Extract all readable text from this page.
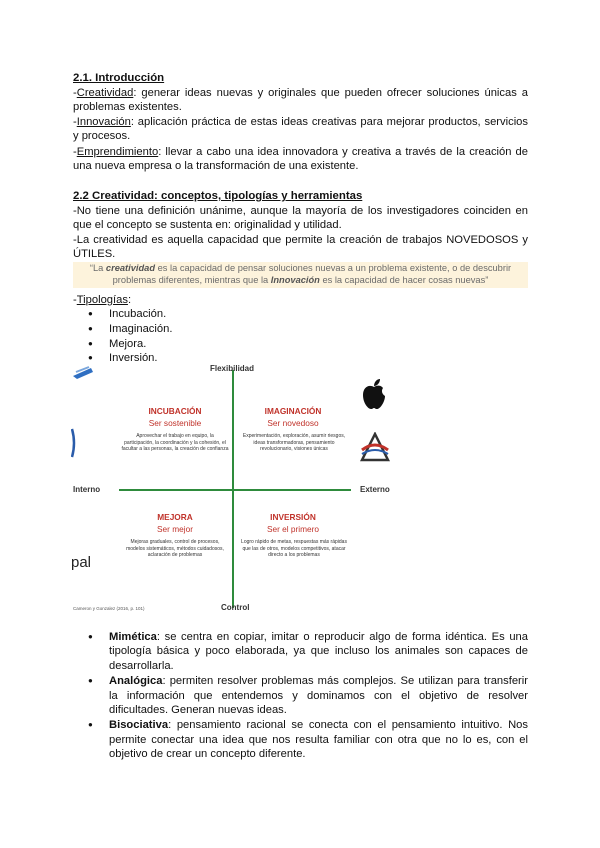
2.1. Introducción
-Creatividad: generar ideas nuevas y originales que pueden ofrecer soluciones únicas a problemas existentes.
-Innovación: aplicación práctica de estas ideas creativas para mejorar productos, servicios y procesos.
-Emprendimiento: llevar a cabo una idea innovadora y creativa a través de la creación de una nueva empresa o la transformación de una existente.
2.2 Creatividad: conceptos, tipologías y herramientas
-No tiene una definición unánime, aunque la mayoría de los investigadores coinciden en que el concepto se sustenta en: originalidad y utilidad.
-La creatividad es aquella capacidad que permite la creación de trabajos NOVEDOSOS y ÚTILES.
“La creatividad es la capacidad de pensar soluciones nuevas a un problema existente, o de descubrir problemas diferentes, mientras que la Innovación es la capacidad de hacer cosas nuevas”
-Tipologías:
● Incubación.
● Imaginación.
● Mejora.
● Inversión.
pal
Flexibilidad
Control
Interno	Externo
INCUBACIÓN
Ser sostenible
Aprovechar el trabajo en equipo, la participación, la coordinación y la cohesión, el facultar a las personas, la creación de confianza
IMAGINACIÓN
Ser novedoso
Experimentación, exploración, asumir riesgos, ideas transformadoras, pensamiento revolucionario, visiones únicas
MEJORA
Ser mejor
Mejoras graduales, control de procesos, modelos sistemáticos, métodos cuidadosos, aclaración de problemas
INVERSIÓN
Ser el primero
Logro rápido de metas, respuestas más rápidas que las de otros, modelos competitivos, atacar directo a los problemas
Cameron y Gonzalez (2016, p. 101)
● Mimética: se centra en copiar, imitar o reproducir algo de forma idéntica. Es una tipología básica y poco elaborada, ya que incluso los animales son capaces de desarrollarla.
● Analógica: permiten resolver problemas más complejos. Se utilizan para transferir la información que entendemos y dominamos con el objetivo de resolver dificultades. Generan nuevas ideas.
● Bisociativa: pensamiento racional se conecta con el pensamiento intuitivo. Nos permite conectar una idea que nos resulta familiar con otra que no lo es, con el objetivo de crear un concepto diferente.
